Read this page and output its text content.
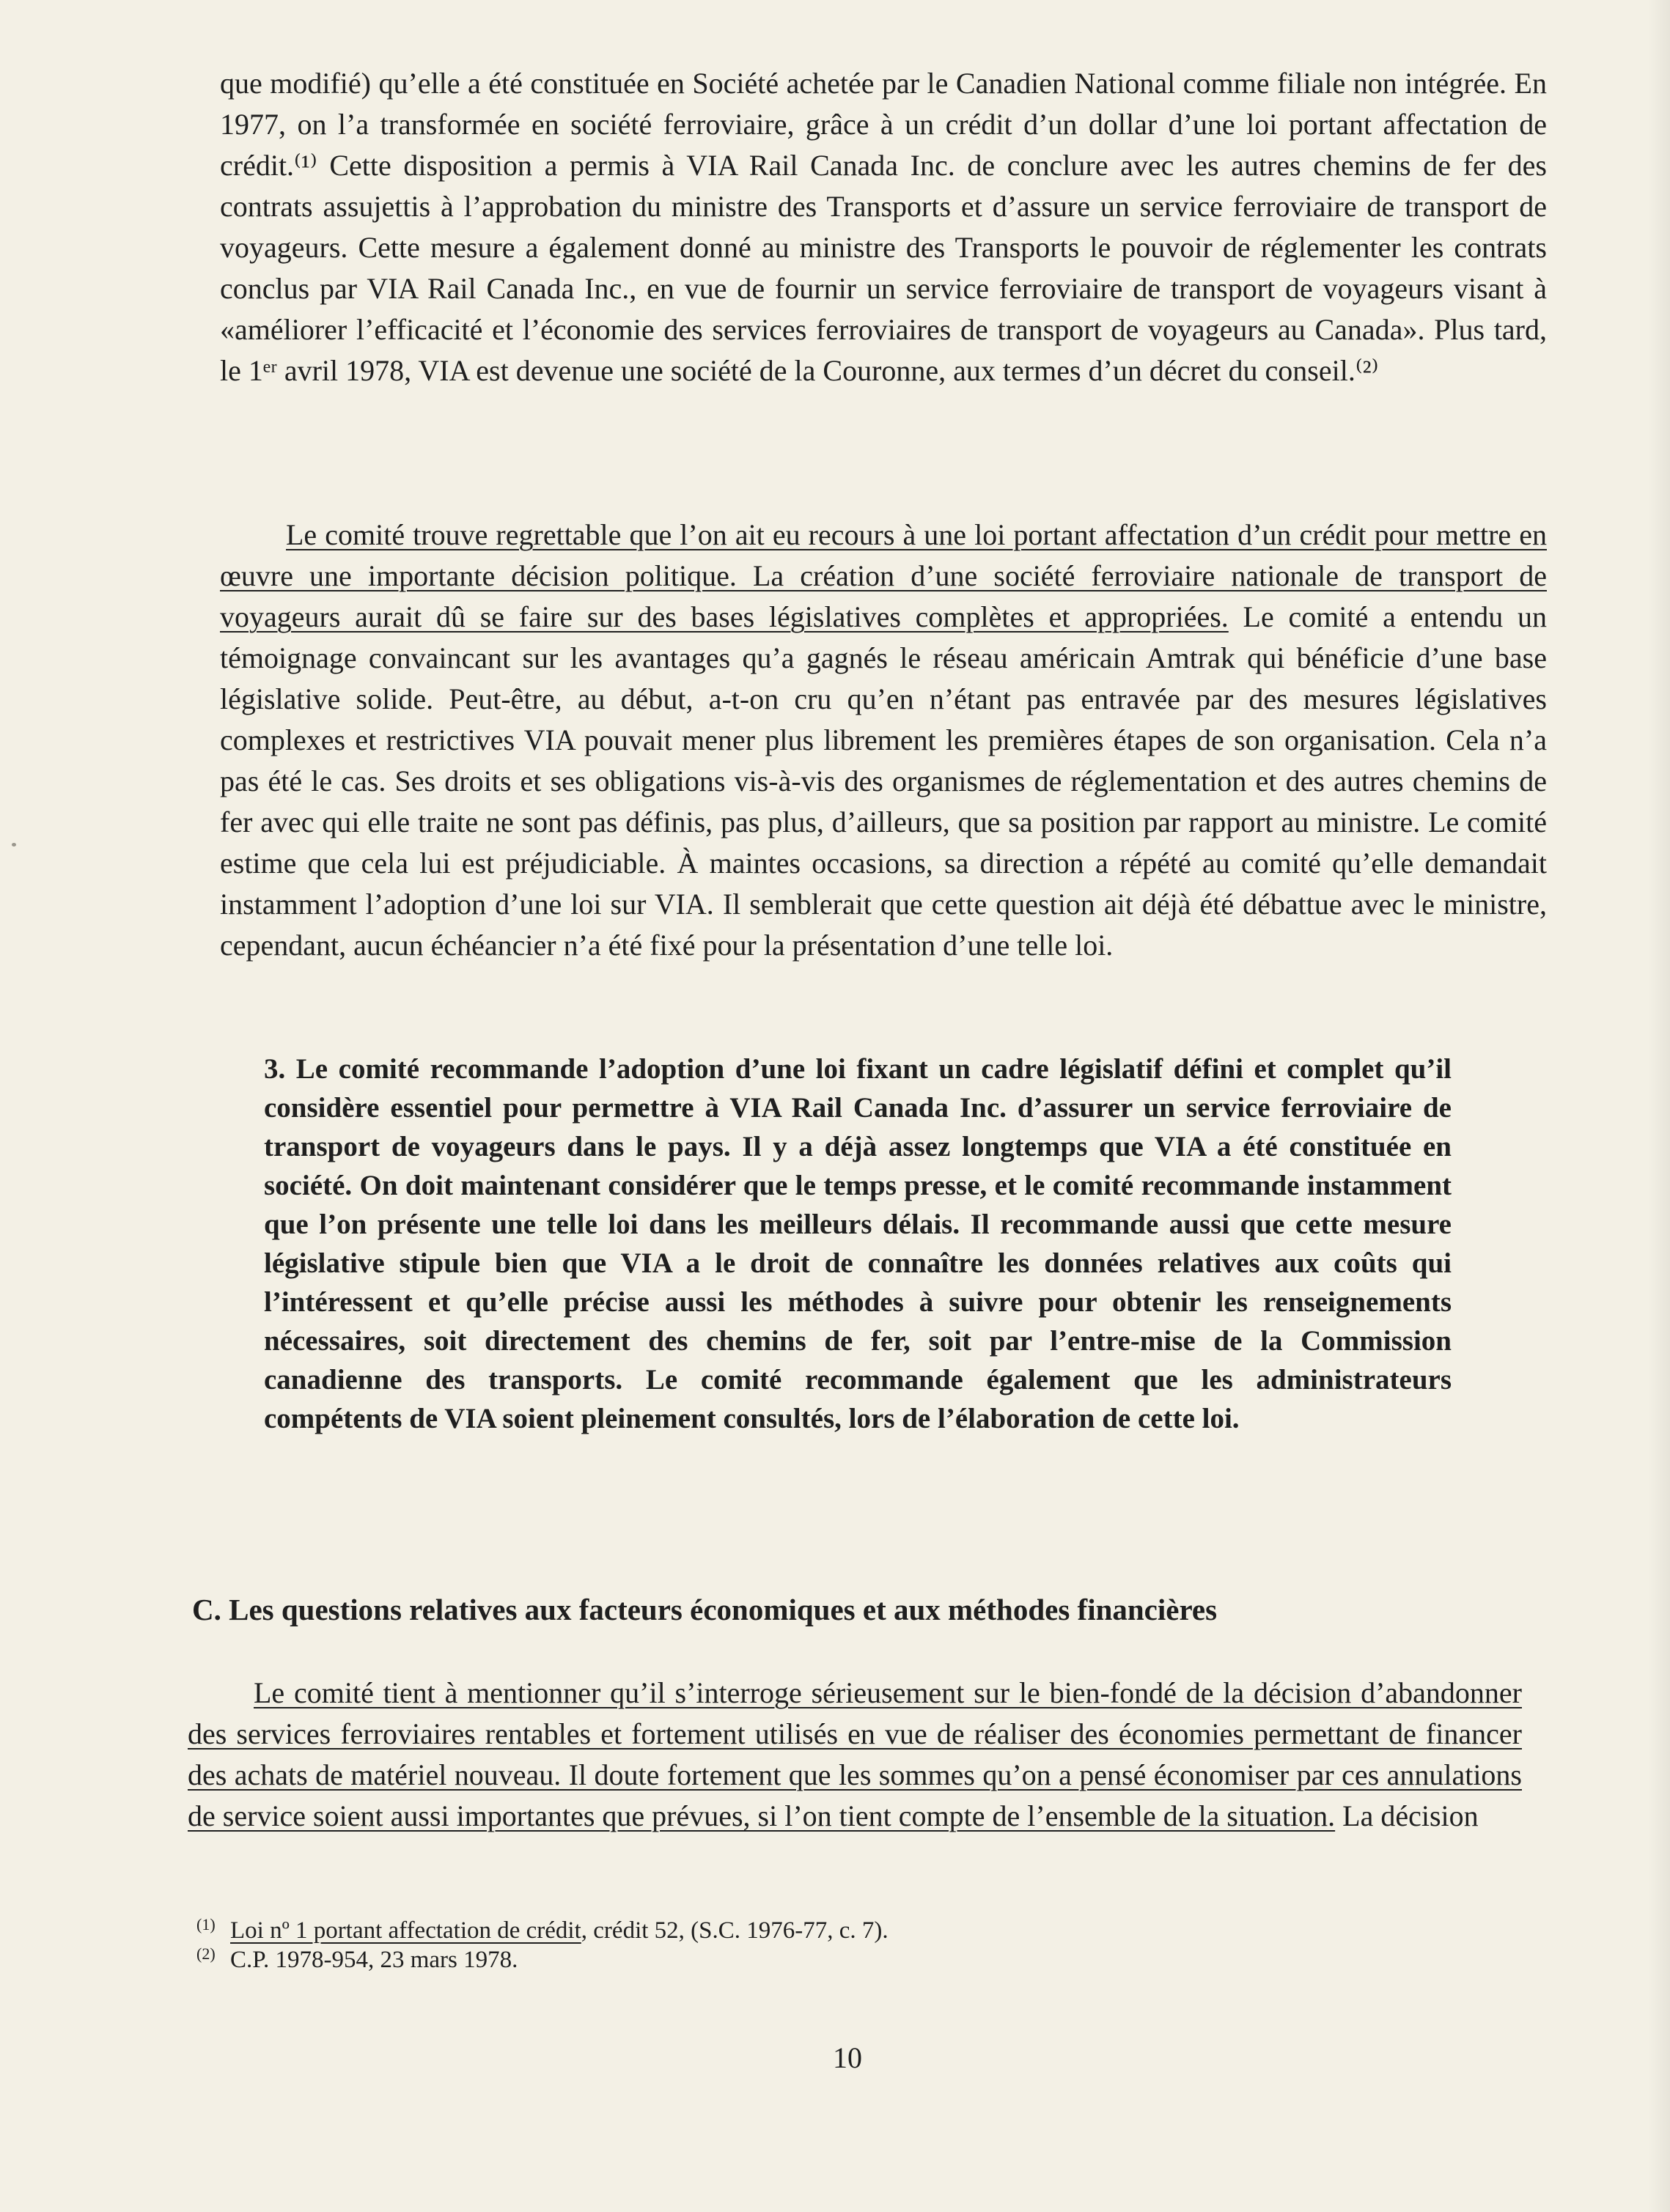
que modifié) qu’elle a été constituée en Société achetée par le Canadien National comme filiale non intégrée. En 1977, on l’a transformée en société ferroviaire, grâce à un crédit d’un dollar d’une loi portant affectation de crédit.⁽¹⁾ Cette disposition a permis à VIA Rail Canada Inc. de conclure avec les autres chemins de fer des contrats assujettis à l’approbation du ministre des Transports et d’assure un service ferroviaire de transport de voyageurs. Cette mesure a également donné au ministre des Transports le pouvoir de réglementer les contrats conclus par VIA Rail Canada Inc., en vue de fournir un service ferroviaire de transport de voyageurs visant à «améliorer l’efficacité et l’économie des services ferroviaires de transport de voyageurs au Canada». Plus tard, le 1ᵉʳ avril 1978, VIA est devenue une société de la Couronne, aux termes d’un décret du conseil.⁽²⁾

Le comité trouve regrettable que l’on ait eu recours à une loi portant affectation d’un crédit pour mettre en œuvre une importante décision politique. La création d’une société ferroviaire nationale de transport de voyageurs aurait dû se faire sur des bases législatives complètes et appropriées. Le comité a entendu un témoignage convaincant sur les avantages qu’a gagnés le réseau américain Amtrak qui bénéficie d’une base législative solide. Peut-être, au début, a-t-on cru qu’en n’étant pas entravée par des mesures législatives complexes et restrictives VIA pouvait mener plus librement les premières étapes de son organisation. Cela n’a pas été le cas. Ses droits et ses obligations vis-à-vis des organismes de réglementation et des autres chemins de fer avec qui elle traite ne sont pas définis, pas plus, d’ailleurs, que sa position par rapport au ministre. Le comité estime que cela lui est préjudiciable. À maintes occasions, sa direction a répété au comité qu’elle demandait instamment l’adoption d’une loi sur VIA. Il semblerait que cette question ait déjà été débattue avec le ministre, cependant, aucun échéancier n’a été fixé pour la présentation d’une telle loi.

3. Le comité recommande l’adoption d’une loi fixant un cadre législatif défini et complet qu’il considère essentiel pour permettre à VIA Rail Canada Inc. d’assurer un service ferroviaire de transport de voyageurs dans le pays. Il y a déjà assez longtemps que VIA a été constituée en société. On doit maintenant considérer que le temps presse, et le comité recommande instamment que l’on présente une telle loi dans les meilleurs délais. Il recommande aussi que cette mesure législative stipule bien que VIA a le droit de connaître les données relatives aux coûts qui l’intéressent et qu’elle précise aussi les méthodes à suivre pour obtenir les renseignements nécessaires, soit directement des chemins de fer, soit par l’entre-mise de la Commission canadienne des transports. Le comité recommande également que les administrateurs compétents de VIA soient pleinement consultés, lors de l’élaboration de cette loi.

C. Les questions relatives aux facteurs économiques et aux méthodes financières

Le comité tient à mentionner qu’il s’interroge sérieusement sur le bien-fondé de la décision d’abandonner des services ferroviaires rentables et fortement utilisés en vue de réaliser des économies permettant de financer des achats de matériel nouveau. Il doute fortement que les sommes qu’on a pensé économiser par ces annulations de service soient aussi importantes que prévues, si l’on tient compte de l’ensemble de la situation. La décision

(1) Loi nº 1 portant affectation de crédit, crédit 52, (S.C. 1976-77, c. 7).
(2) C.P. 1978-954, 23 mars 1978.
10
